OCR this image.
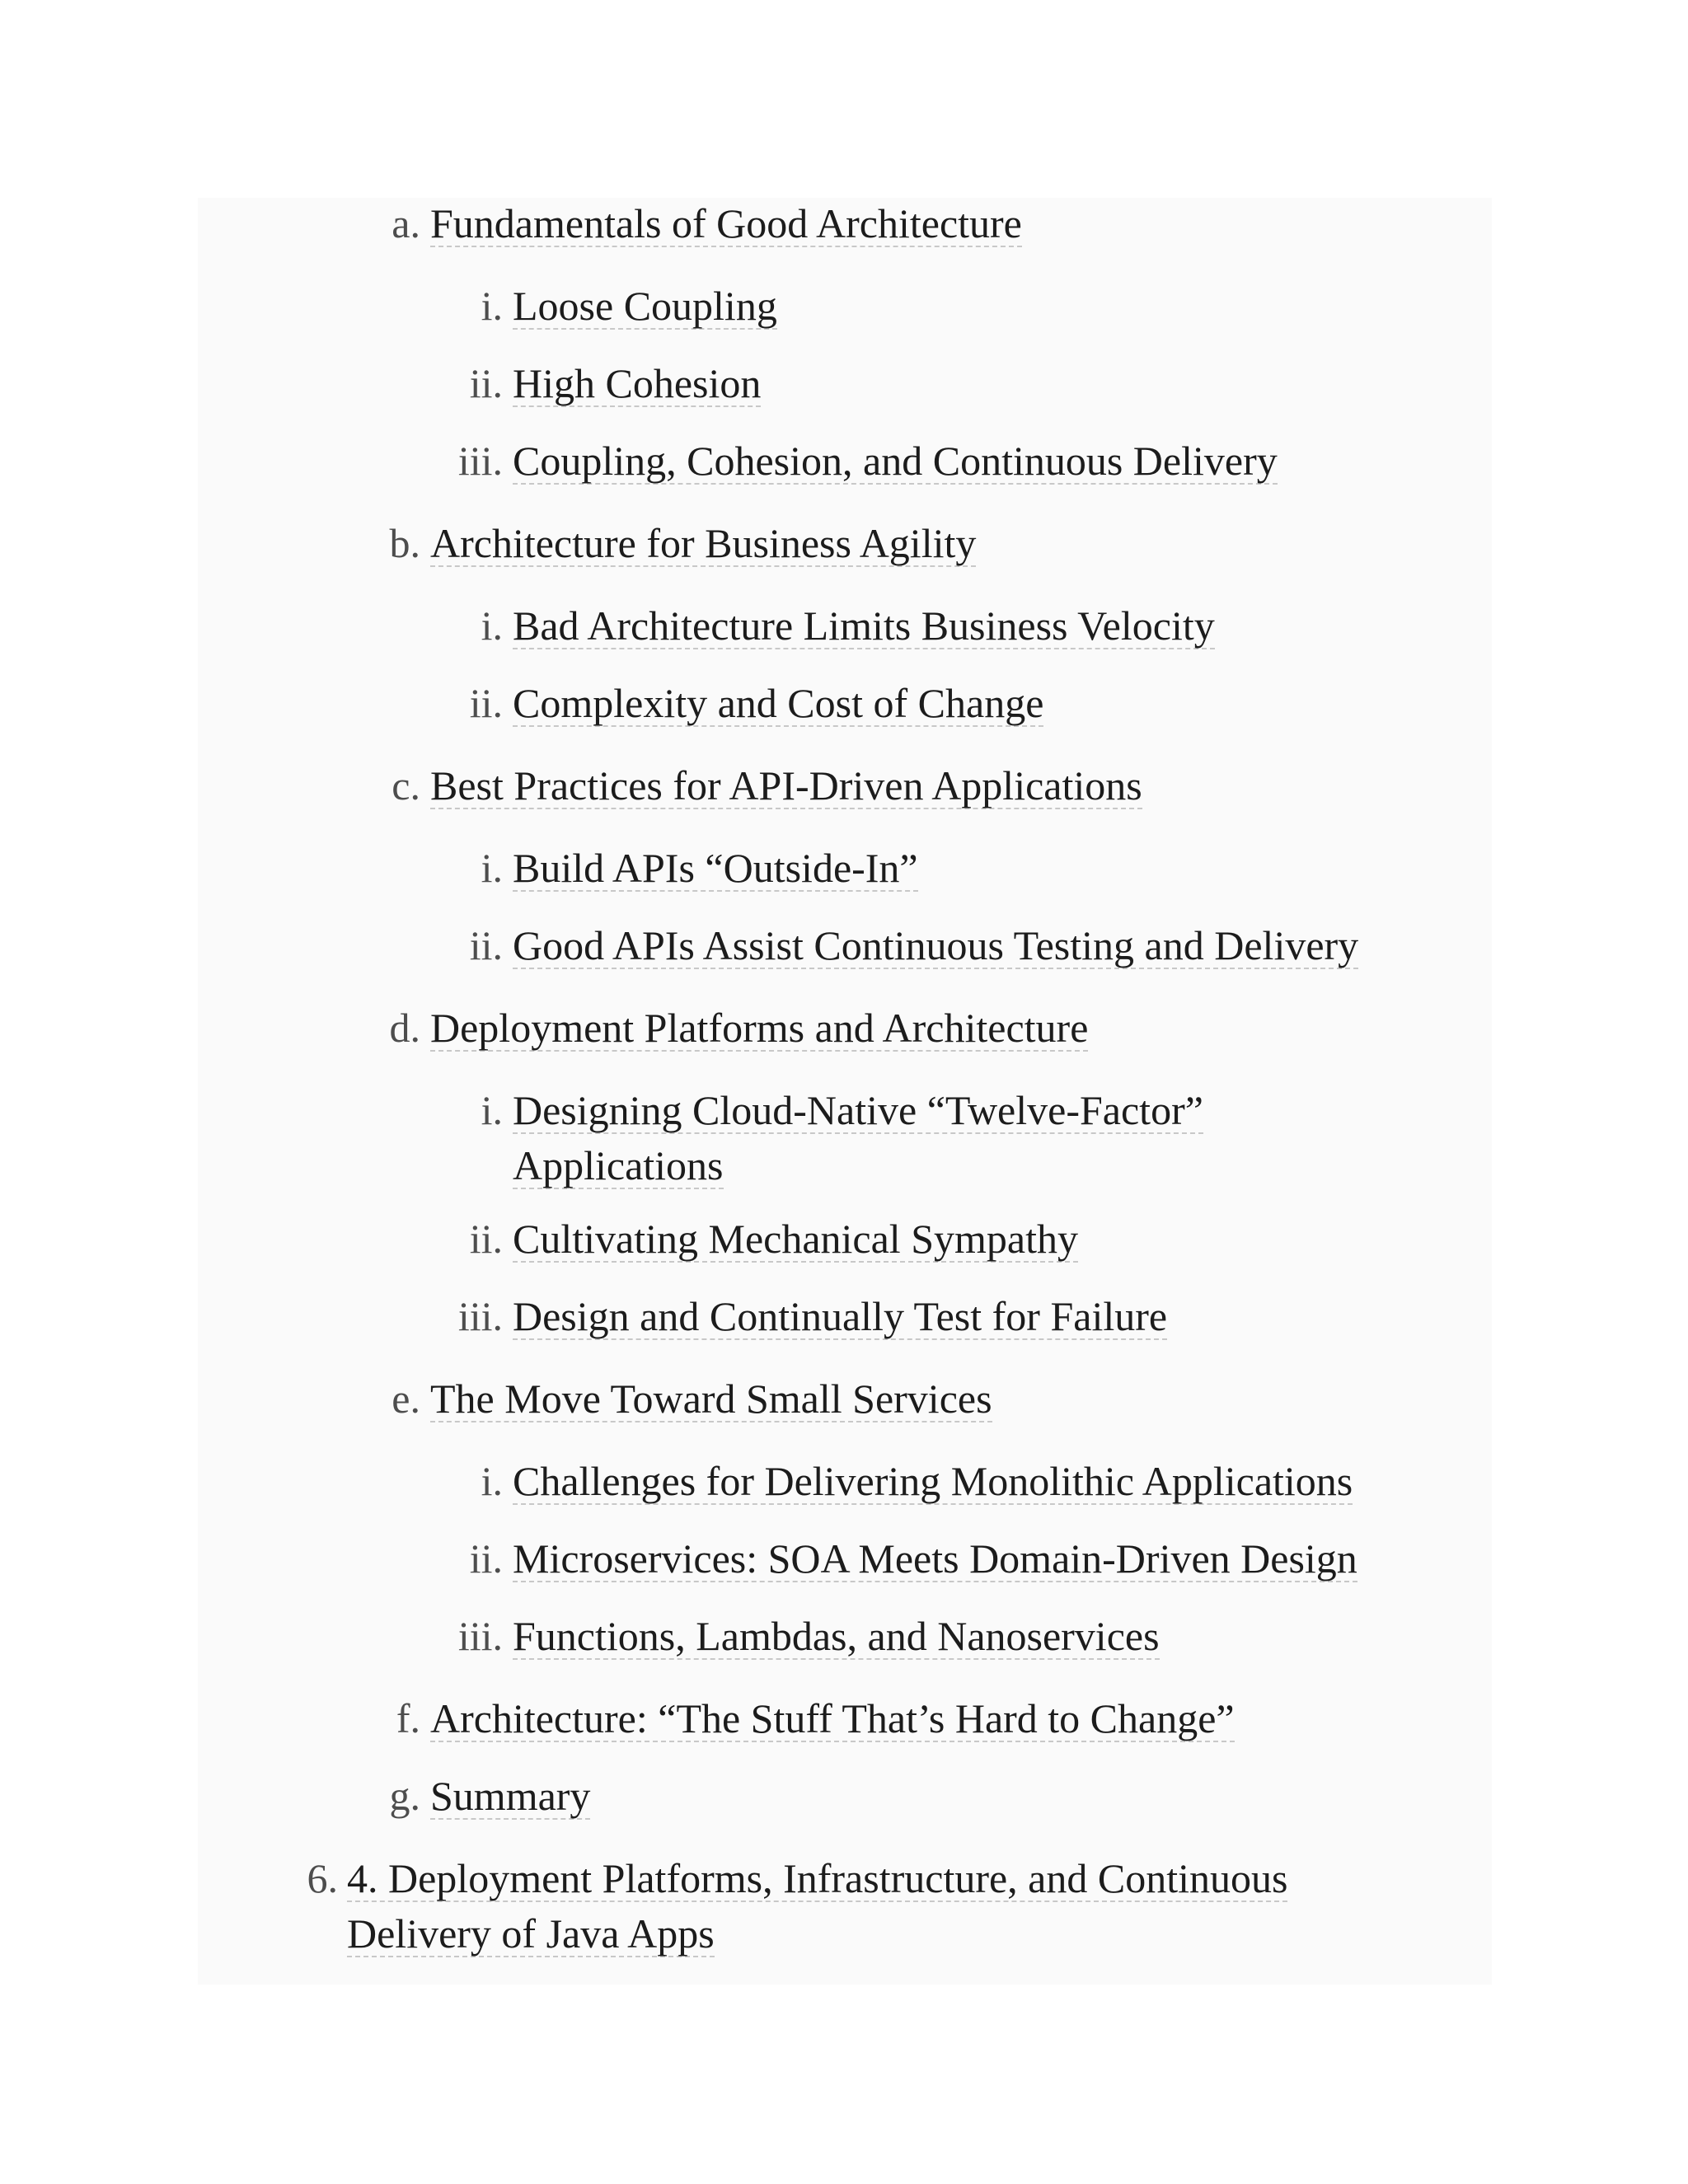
a. Fundamentals of Good Architecture
i. Loose Coupling
ii. High Cohesion
iii. Coupling, Cohesion, and Continuous Delivery
b. Architecture for Business Agility
i. Bad Architecture Limits Business Velocity
ii. Complexity and Cost of Change
c. Best Practices for API-Driven Applications
i. Build APIs “Outside-In”
ii. Good APIs Assist Continuous Testing and Delivery
d. Deployment Platforms and Architecture
i. Designing Cloud-Native “Twelve-Factor”
Applications
ii. Cultivating Mechanical Sympathy
iii. Design and Continually Test for Failure
e. The Move Toward Small Services
i. Challenges for Delivering Monolithic Applications
ii. Microservices: SOA Meets Domain-Driven Design
iii. Functions, Lambdas, and Nanoservices
f. Architecture: “The Stuff That’s Hard to Change”
g. Summary
6. 4. Deployment Platforms, Infrastructure, and Continuous
Delivery of Java Apps
